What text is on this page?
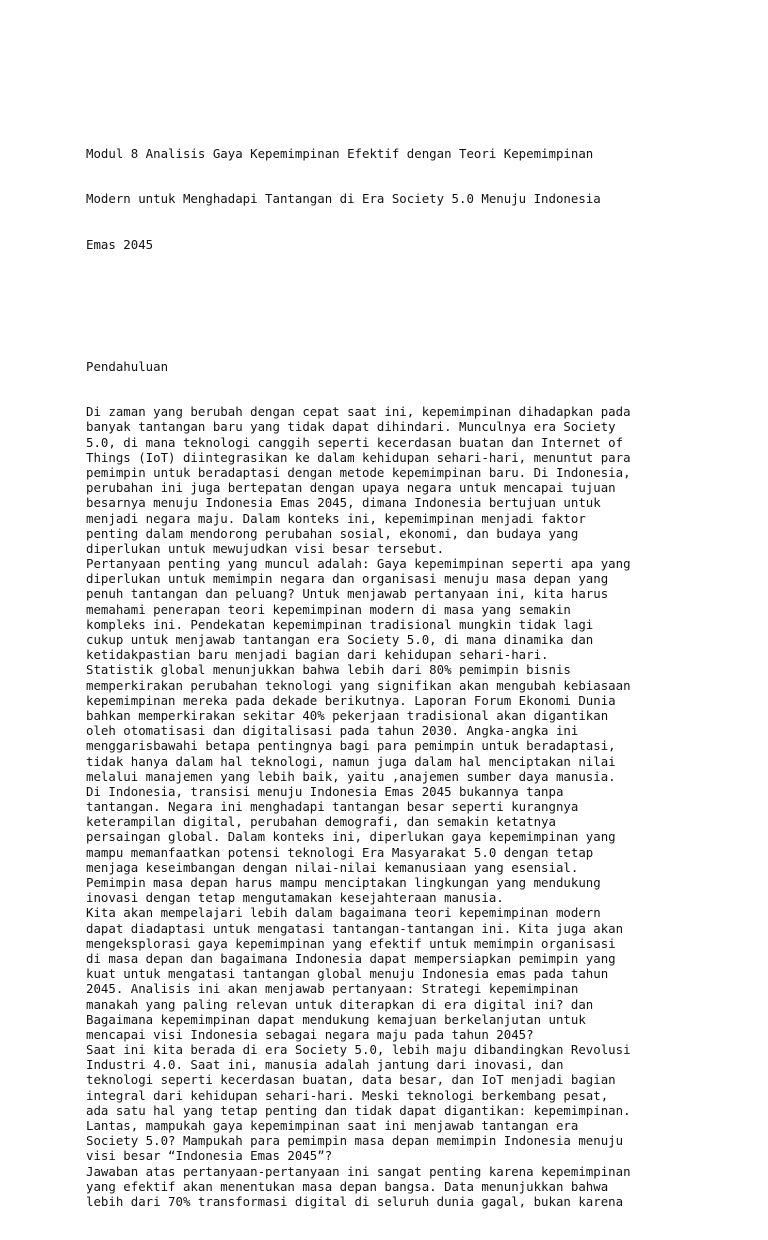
Modul 8 Analisis Gaya Kepemimpinan Efektif dengan Teori Kepemimpinan

Modern untuk Menghadapi Tantangan di Era Society 5.0 Menuju Indonesia

Emas 2045

Pendahuluan

Di zaman yang berubah dengan cepat saat ini, kepemimpinan dihadapkan pada
banyak tantangan baru yang tidak dapat dihindari. Munculnya era Society
5.0, di mana teknologi canggih seperti kecerdasan buatan dan Internet of
Things (IoT) diintegrasikan ke dalam kehidupan sehari-hari, menuntut para
pemimpin untuk beradaptasi dengan metode kepemimpinan baru. Di Indonesia,
perubahan ini juga bertepatan dengan upaya negara untuk mencapai tujuan
besarnya menuju Indonesia Emas 2045, dimana Indonesia bertujuan untuk
menjadi negara maju. Dalam konteks ini, kepemimpinan menjadi faktor
penting dalam mendorong perubahan sosial, ekonomi, dan budaya yang
diperlukan untuk mewujudkan visi besar tersebut.
Pertanyaan penting yang muncul adalah: Gaya kepemimpinan seperti apa yang
diperlukan untuk memimpin negara dan organisasi menuju masa depan yang
penuh tantangan dan peluang? Untuk menjawab pertanyaan ini, kita harus
memahami penerapan teori kepemimpinan modern di masa yang semakin
kompleks ini. Pendekatan kepemimpinan tradisional mungkin tidak lagi
cukup untuk menjawab tantangan era Society 5.0, di mana dinamika dan
ketidakpastian baru menjadi bagian dari kehidupan sehari-hari.
Statistik global menunjukkan bahwa lebih dari 80% pemimpin bisnis
memperkirakan perubahan teknologi yang signifikan akan mengubah kebiasaan
kepemimpinan mereka pada dekade berikutnya. Laporan Forum Ekonomi Dunia
bahkan memperkirakan sekitar 40% pekerjaan tradisional akan digantikan
oleh otomatisasi dan digitalisasi pada tahun 2030. Angka-angka ini
menggarisbawahi betapa pentingnya bagi para pemimpin untuk beradaptasi,
tidak hanya dalam hal teknologi, namun juga dalam hal menciptakan nilai
melalui manajemen yang lebih baik, yaitu ,anajemen sumber daya manusia.
Di Indonesia, transisi menuju Indonesia Emas 2045 bukannya tanpa
tantangan. Negara ini menghadapi tantangan besar seperti kurangnya
keterampilan digital, perubahan demografi, dan semakin ketatnya
persaingan global. Dalam konteks ini, diperlukan gaya kepemimpinan yang
mampu memanfaatkan potensi teknologi Era Masyarakat 5.0 dengan tetap
menjaga keseimbangan dengan nilai-nilai kemanusiaan yang esensial.
Pemimpin masa depan harus mampu menciptakan lingkungan yang mendukung
inovasi dengan tetap mengutamakan kesejahteraan manusia.
Kita akan mempelajari lebih dalam bagaimana teori kepemimpinan modern
dapat diadaptasi untuk mengatasi tantangan-tantangan ini. Kita juga akan
mengeksplorasi gaya kepemimpinan yang efektif untuk memimpin organisasi
di masa depan dan bagaimana Indonesia dapat mempersiapkan pemimpin yang
kuat untuk mengatasi tantangan global menuju Indonesia emas pada tahun
2045. Analisis ini akan menjawab pertanyaan: Strategi kepemimpinan
manakah yang paling relevan untuk diterapkan di era digital ini? dan
Bagaimana kepemimpinan dapat mendukung kemajuan berkelanjutan untuk
mencapai visi Indonesia sebagai negara maju pada tahun 2045?
Saat ini kita berada di era Society 5.0, lebih maju dibandingkan Revolusi
Industri 4.0. Saat ini, manusia adalah jantung dari inovasi, dan
teknologi seperti kecerdasan buatan, data besar, dan IoT menjadi bagian
integral dari kehidupan sehari-hari. Meski teknologi berkembang pesat,
ada satu hal yang tetap penting dan tidak dapat digantikan: kepemimpinan.
Lantas, mampukah gaya kepemimpinan saat ini menjawab tantangan era
Society 5.0? Mampukah para pemimpin masa depan memimpin Indonesia menuju
visi besar “Indonesia Emas 2045”?
Jawaban atas pertanyaan-pertanyaan ini sangat penting karena kepemimpinan
yang efektif akan menentukan masa depan bangsa. Data menunjukkan bahwa
lebih dari 70% transformasi digital di seluruh dunia gagal, bukan karena
